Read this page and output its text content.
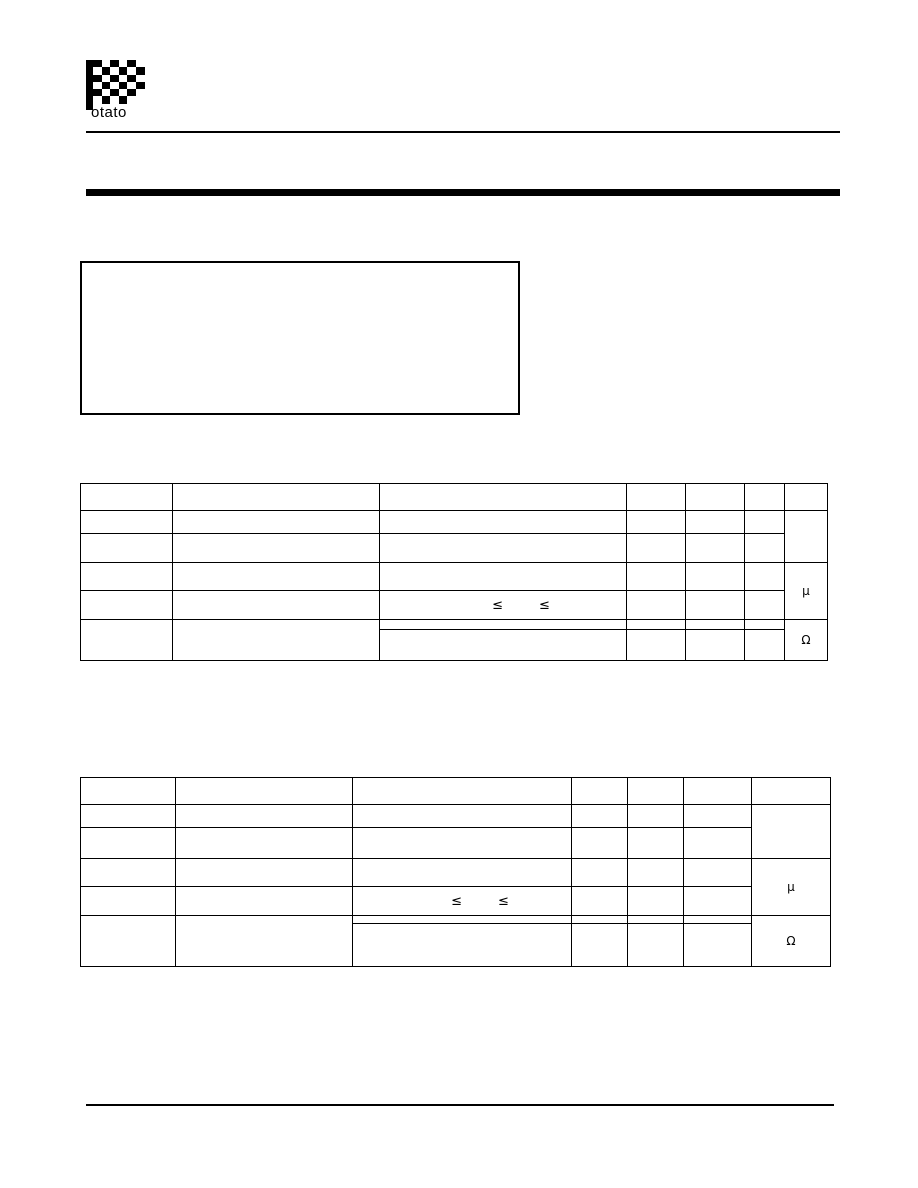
otato

						μ
		≤ ≤				
						Ω

						μ
		≤ ≤				
						Ω
